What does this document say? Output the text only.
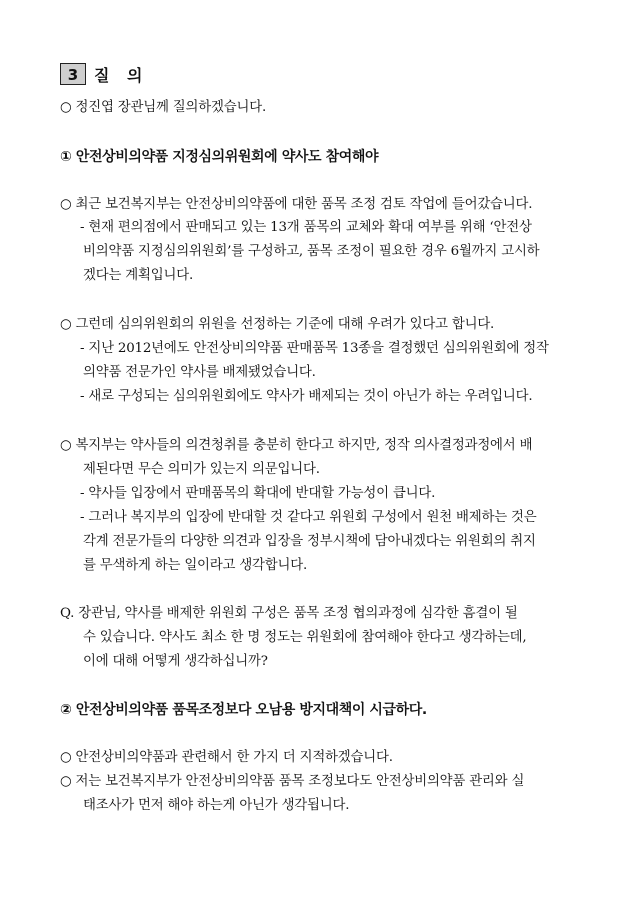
3 질 의
○ 정진엽 장관님께 질의하겠습니다.
① 안전상비의약품 지정심의위원회에 약사도 참여해야
○ 최근 보건복지부는 안전상비의약품에 대한 품목 조정 검토 작업에 들어갔습니다.
- 현재 편의점에서 판매되고 있는 13개 품목의 교체와 확대 여부를 위해 ‘안전상
비의약품 지정심의위원회’를 구성하고, 품목 조정이 필요한 경우 6월까지 고시하
겠다는 계획입니다.
○ 그런데 심의위원회의 위원을 선정하는 기준에 대해 우려가 있다고 합니다.
- 지난 2012년에도 안전상비의약품 판매품목 13종을 결정했던 심의위원회에 정작
의약품 전문가인 약사를 배제됐었습니다.
- 새로 구성되는 심의위원회에도 약사가 배제되는 것이 아닌가 하는 우려입니다.
○ 복지부는 약사들의 의견청취를 충분히 한다고 하지만, 정작 의사결정과정에서 배
제된다면 무슨 의미가 있는지 의문입니다.
- 약사들 입장에서 판매품목의 확대에 반대할 가능성이 큽니다.
- 그러나 복지부의 입장에 반대할 것 같다고 위원회 구성에서 원천 배제하는 것은
각계 전문가들의 다양한 의견과 입장을 정부시책에 담아내겠다는 위원회의 취지
를 무색하게 하는 일이라고 생각합니다.
Q. 장관님, 약사를 배제한 위원회 구성은 품목 조정 협의과정에 심각한 흠결이 될
수 있습니다. 약사도 최소 한 명 정도는 위원회에 참여해야 한다고 생각하는데,
이에 대해 어떻게 생각하십니까?
② 안전상비의약품 품목조정보다 오남용 방지대책이 시급하다.
○ 안전상비의약품과 관련해서 한 가지 더 지적하겠습니다.
○ 저는 보건복지부가 안전상비의약품 품목 조정보다도 안전상비의약품 관리와 실
태조사가 먼저 해야 하는게 아닌가 생각됩니다.
